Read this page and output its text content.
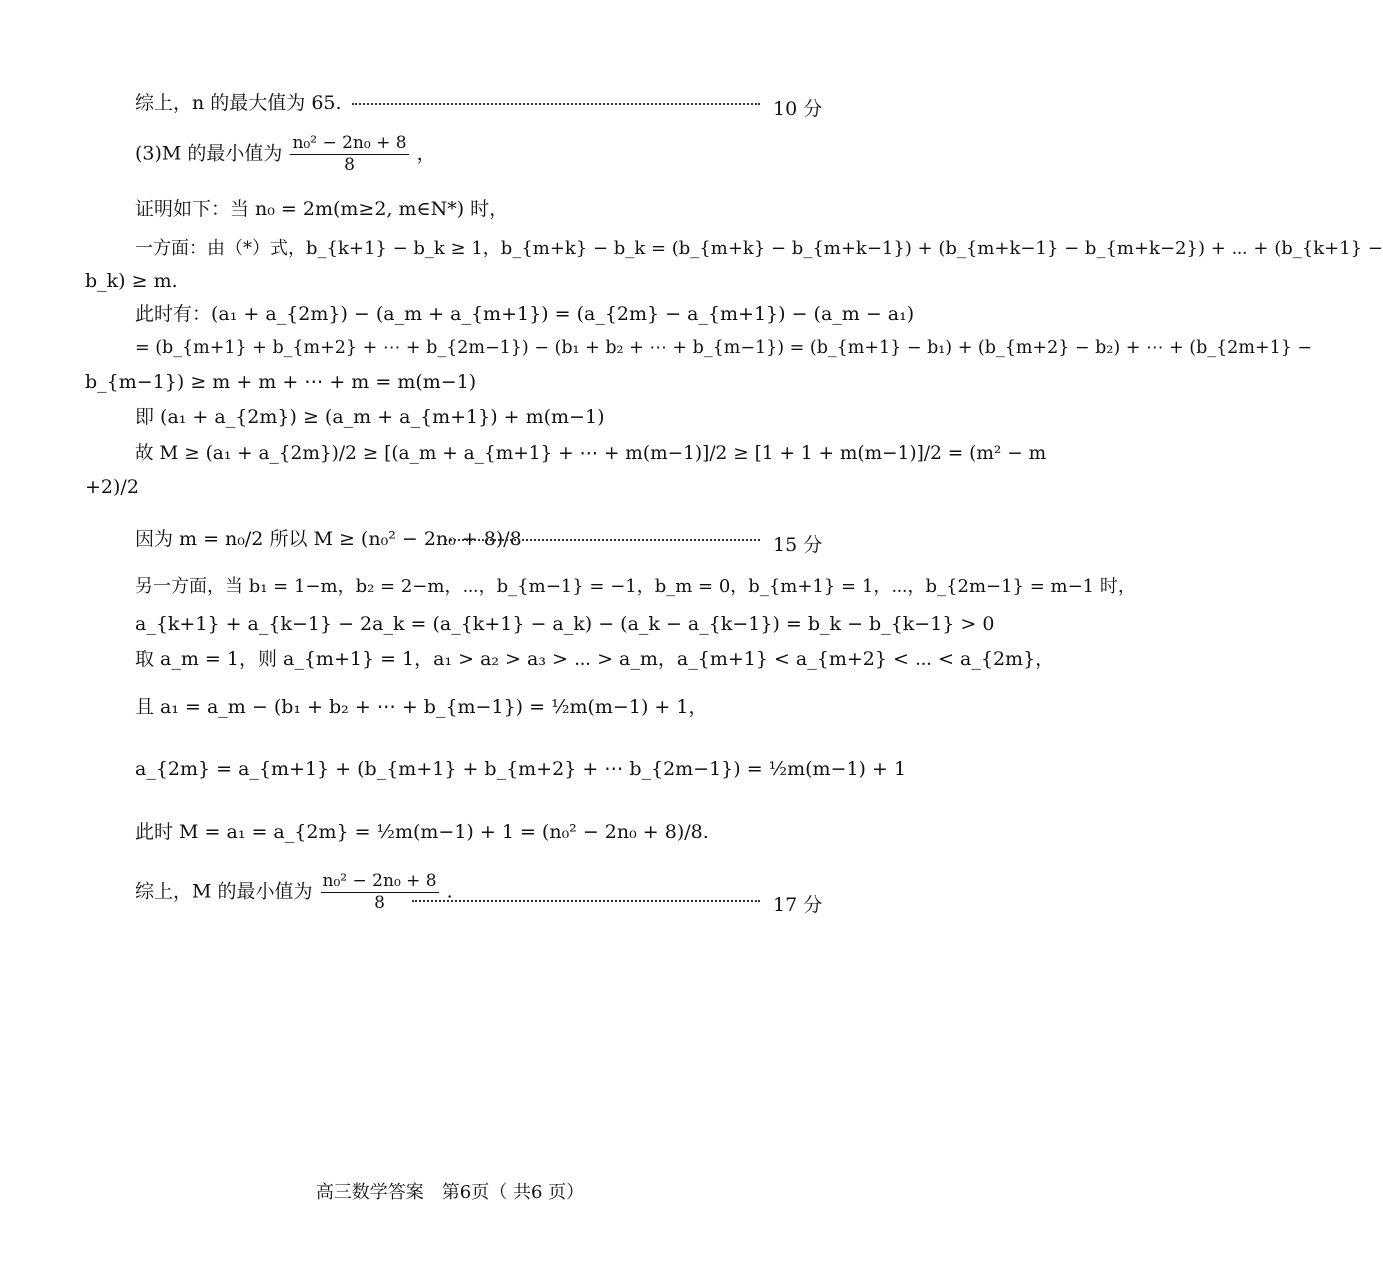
综上，n 的最大值为 65.	10 分
(3)M 的最小值为 $\frac{\text{n₀² − 2n₀ + 8}}{8}$ ，
证明如下：当 n₀ = 2m(m≥2, m∈N*) 时，
一方面：由（*）式，b_{k+1} − b_k ≥ 1，b_{m+k} − b_k = (b_{m+k} − b_{m+k−1}) + (b_{m+k−1} − b_{m+k−2}) + ⋯ + (b_{k+1} −
b_k) ≥ m.
此时有：(a₁ + a_{2m}) − (a_m + a_{m+1}) = (a_{2m} − a_{m+1}) − (a_m − a₁)
= (b_{m+1} + b_{m+2} + ⋯ + b_{2m−1}) − (b₁ + b₂ + ⋯ + b_{m−1}) = (b_{m+1} − b₁) + (b_{m+2} − b₂) + ⋯ + (b_{2m+1} −
b_{m−1}) ≥ m + m + ⋯ + m = m(m−1)
即 (a₁ + a_{2m}) ≥ (a_m + a_{m+1}) + m(m−1)
故 M ≥ (a₁ + a_{2m})/2 ≥ [(a_m + a_{m+1} + ⋯ + m(m−1)]/2 ≥ [1 + 1 + m(m−1)]/2 = (m² − m
+2)/2
因为 m = n₀/2 所以 M ≥ (n₀² − 2n₀ + 8)/8	15 分
另一方面，当 b₁ = 1−m，b₂ = 2−m，⋯，b_{m−1} = −1，b_m = 0，b_{m+1} = 1，⋯，b_{2m−1} = m−1 时，
a_{k+1} + a_{k−1} − 2a_k = (a_{k+1} − a_k) − (a_k − a_{k−1}) = b_k − b_{k−1} > 0
取 a_m = 1，则 a_{m+1} = 1，a₁ > a₂ > a₃ > ⋯ > a_m，a_{m+1} < a_{m+2} < ⋯ < a_{2m}，
且 a₁ = a_m − (b₁ + b₂ + ⋯ + b_{m−1}) = ½m(m−1) + 1，
a_{2m} = a_{m+1} + (b_{m+1} + b_{m+2} + ⋯ b_{2m−1}) = ½m(m−1) + 1
此时 M = a₁ = a_{2m} = ½m(m−1) + 1 = (n₀² − 2n₀ + 8)/8.
综上，M 的最小值为 $\frac{\text{n₀² − 2n₀ + 8}}{8}$ .
17 分
高三数学答案　第6页（ 共6 页）
